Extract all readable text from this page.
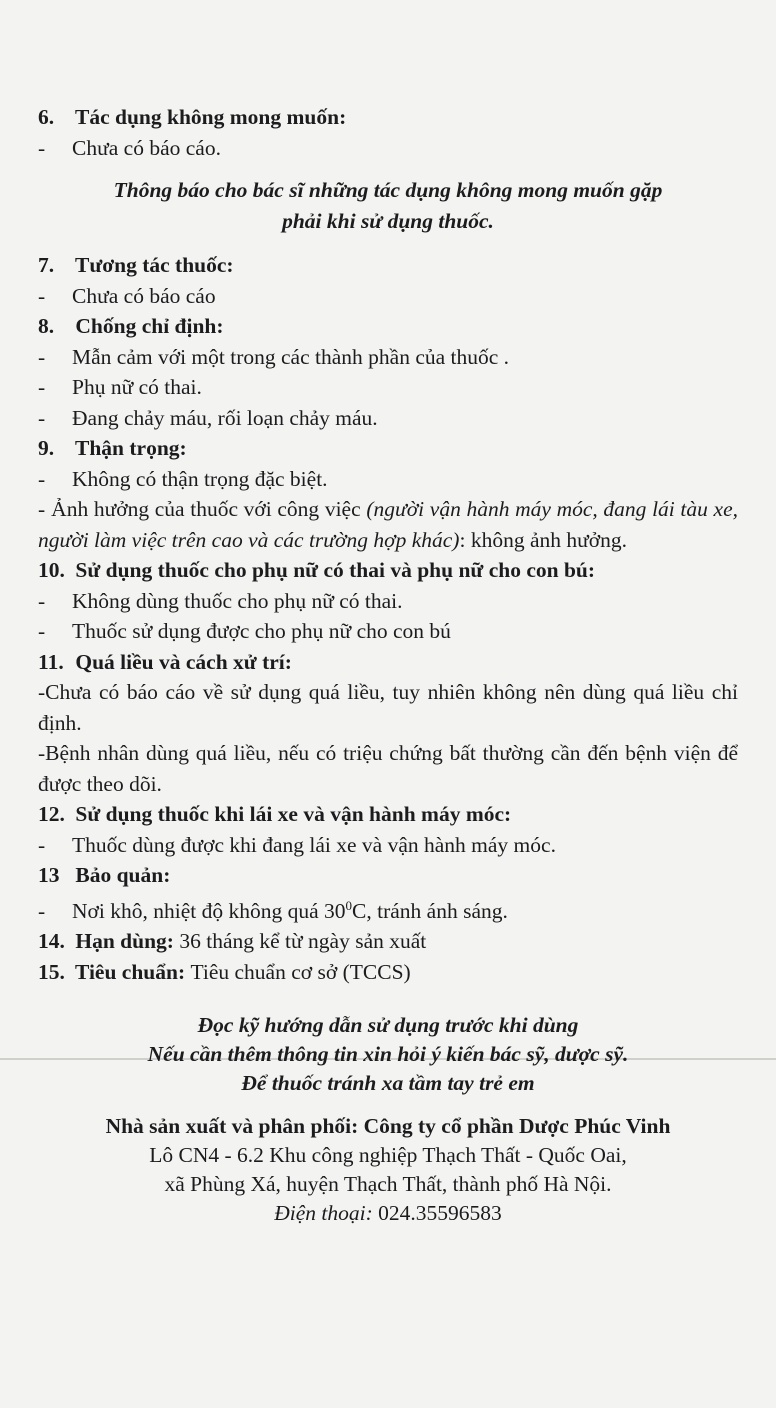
6. Tác dụng không mong muốn:

- Chưa có báo cáo.

Thông báo cho bác sĩ những tác dụng không mong muốn gặp
phải khi sử dụng thuốc.

7. Tương tác thuốc:

- Chưa có báo cáo

8. Chống chỉ định:

- Mẫn cảm với một trong các thành phần của thuốc .

- Phụ nữ có thai.

- Đang chảy máu, rối loạn chảy máu.

9. Thận trọng:

- Không có thận trọng đặc biệt.

- Ảnh hưởng của thuốc với công việc (người vận hành máy móc, đang lái tàu xe, người làm việc trên cao và các trường hợp khác): không ảnh hưởng.

10. Sử dụng thuốc cho phụ nữ có thai và phụ nữ cho con bú:

- Không dùng thuốc cho phụ nữ có thai.

- Thuốc sử dụng được cho phụ nữ cho con bú

11. Quá liều và cách xử trí:

-Chưa có báo cáo về sử dụng quá liều, tuy nhiên không nên dùng quá liều chỉ định.

-Bệnh nhân dùng quá liều, nếu có triệu chứng bất thường cần đến bệnh viện để được theo dõi.

12. Sử dụng thuốc khi lái xe và vận hành máy móc:

- Thuốc dùng được khi đang lái xe và vận hành máy móc.

13 Bảo quản:

- Nơi khô, nhiệt độ không quá $30^0C$, tránh ánh sáng.

14. Hạn dùng: 36 tháng kể từ ngày sản xuất

15. Tiêu chuẩn: Tiêu chuẩn cơ sở (TCCS)

Đọc kỹ hướng dẫn sử dụng trước khi dùng
Nếu cần thêm thông tin xin hỏi ý kiến bác sỹ, dược sỹ.
Để thuốc tránh xa tầm tay trẻ em
Nhà sản xuất và phân phối: Công ty cổ phần Dược Phúc Vinh
Lô CN4 - 6.2 Khu công nghiệp Thạch Thất - Quốc Oai,
xã Phùng Xá, huyện Thạch Thất, thành phố Hà Nội.
Điện thoại: 024.35596583
